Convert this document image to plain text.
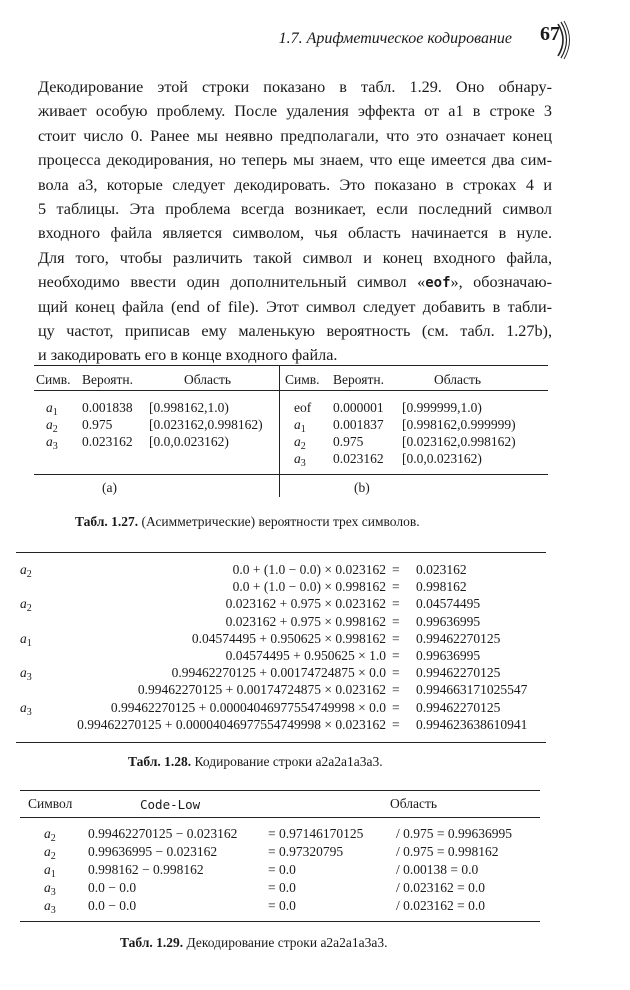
1.7. Арифметическое кодирование 67
Декодирование этой строки показано в табл. 1.29. Оно обнару-
живает особую проблему. После удаления эффекта от a1 в строке 3
стоит число 0. Ранее мы неявно предполагали, что это означает конец
процесса декодирования, но теперь мы знаем, что еще имеется два сим-
вола a3, которые следует декодировать. Это показано в строках 4 и
5 таблицы. Эта проблема всегда возникает, если последний символ
входного файла является символом, чья область начинается в нуле.
Для того, чтобы различить такой символ и конец входного файла,
необходимо ввести один дополнительный символ «eof», обозначаю-
щий конец файла (end of file). Этот символ следует добавить в табли-
цу частот, приписав ему маленькую вероятность (см. табл. 1.27b),
и закодировать его в конце входного файла.
Симв. Вероятн.	Область	Симв. Вероятн.	Область
(a)	(b)
$a_1$ 0.001838 [0.998162,1.0)
$a_2$ 0.975	[0.023162,0.998162)
$a_3$ 0.023162 [0.0,0.023162)
eof 0.000001 [0.999999,1.0)
$a_1$ 0.001837 [0.998162,0.999999)
$a_2$ 0.975	[0.023162,0.998162)
$a_3$ 0.023162 [0.0,0.023162)
Табл. 1.27. (Асимметрические) вероятности трех символов.
$a_2$	0.0 + (1.0 − 0.0) × 0.023162 = 0.023162
0.0 + (1.0 − 0.0) × 0.998162 = 0.998162
$a_2$	0.023162 + 0.975 × 0.023162 = 0.04574495
0.023162 + 0.975 × 0.998162 = 0.99636995
$a_1$	0.04574495 + 0.950625 × 0.998162 = 0.99462270125
0.04574495 + 0.950625 × 1.0 = 0.99636995
$a_3$	0.99462270125 + 0.00174724875 × 0.0 = 0.99462270125
0.99462270125 + 0.00174724875 × 0.023162 = 0.994663171025547
$a_3$	0.99462270125 + 0.00004046977554749998 × 0.0 = 0.99462270125
0.99462270125 + 0.00004046977554749998 × 0.023162 = 0.994623638610941
Табл. 1.28. Кодирование строки a2a2a1a3a3.
Символ	Code-Low	Область
$a_2$ 0.99462270125 − 0.023162 = 0.97146170125 / 0.975 = 0.99636995
$a_2$ 0.99636995 − 0.023162	= 0.97320795	/ 0.975 = 0.998162
$a_1$ 0.998162 − 0.998162	= 0.0	/ 0.00138 = 0.0
$a_3$ 0.0 − 0.0	= 0.0	/ 0.023162 = 0.0
$a_3$ 0.0 − 0.0	= 0.0	/ 0.023162 = 0.0
Табл. 1.29. Декодирование строки a2a2a1a3a3.
